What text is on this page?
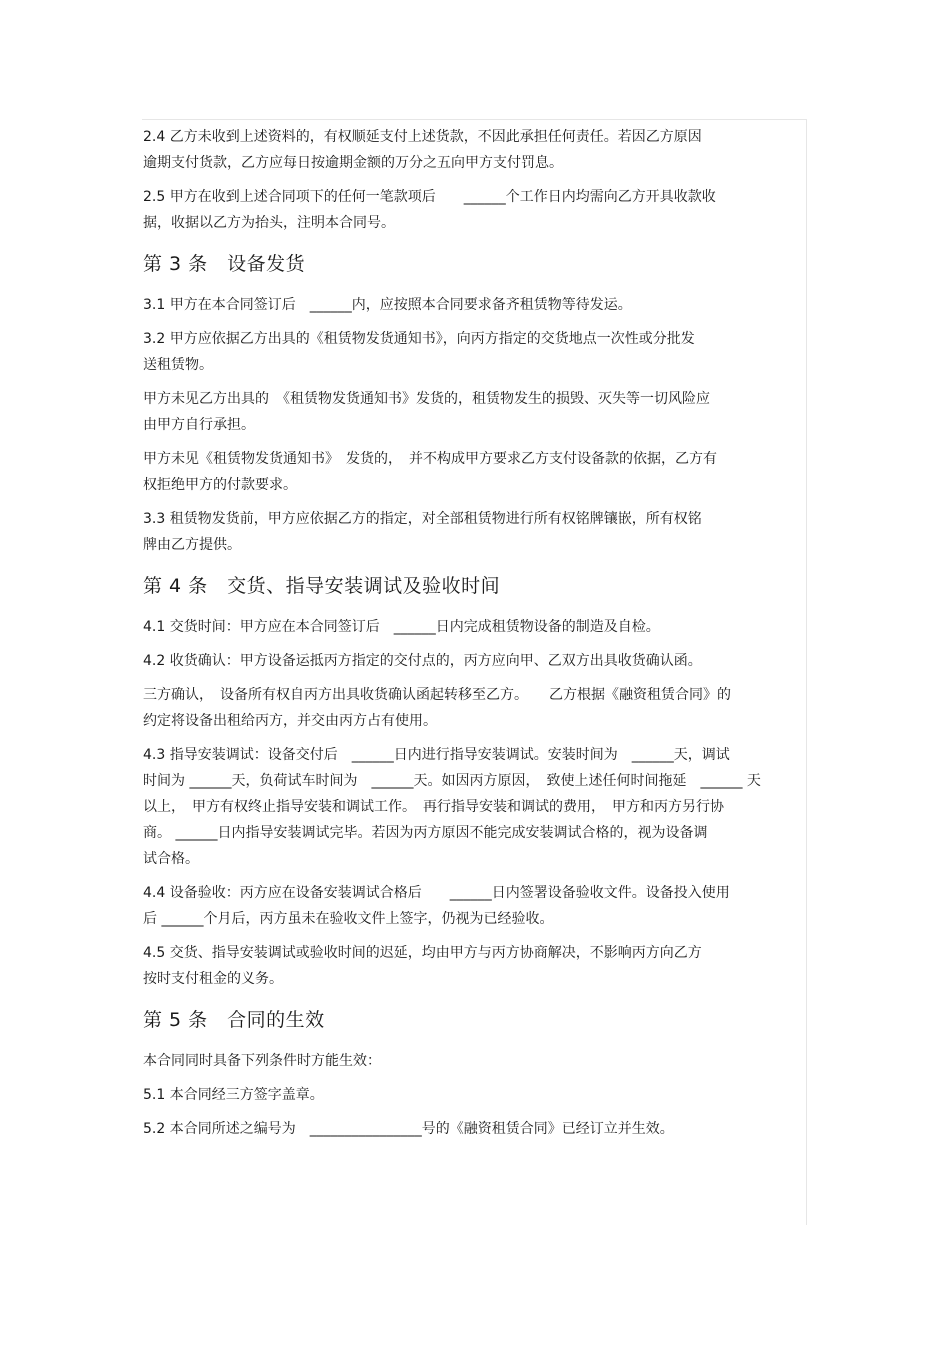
2.4 乙方未收到上述资料的，有权顺延支付上述货款，不因此承担任何责任。若因乙方原因

逾期支付货款，乙方应每日按逾期金额的万分之五向甲方支付罚息。

2.5 甲方在收到上述合同项下的任何一笔款项后　　______个工作日内均需向乙方开具收款收

据，收据以乙方为抬头，注明本合同号。

第 3 条　设备发货

3.1 甲方在本合同签订后　______内，应按照本合同要求备齐租赁物等待发运。

3.2 甲方应依据乙方出具的《租赁物发货通知书》，向丙方指定的交货地点一次性或分批发

送租赁物。

甲方未见乙方出具的　《租赁物发货通知书》发货的，租赁物发生的损毁、灭失等一切风险应

由甲方自行承担。

甲方未见《租赁物发货通知书》　发货的，　并不构成甲方要求乙方支付设备款的依据，乙方有

权拒绝甲方的付款要求。

3.3 租赁物发货前，甲方应依据乙方的指定，对全部租赁物进行所有权铭牌镶嵌，所有权铭

牌由乙方提供。

第 4 条　交货、指导安装调试及验收时间

4.1 交货时间：甲方应在本合同签订后　______日内完成租赁物设备的制造及自检。

4.2 收货确认：甲方设备运抵丙方指定的交付点的，丙方应向甲、乙双方出具收货确认函。

三方确认，　设备所有权自丙方出具收货确认函起转移至乙方。　　乙方根据《融资租赁合同》的

约定将设备出租给丙方，并交由丙方占有使用。

4.3 指导安装调试：设备交付后　______日内进行指导安装调试。安装时间为　______天，调试

时间为 ______天，负荷试车时间为　______天。如因丙方原因，　致使上述任何时间拖延　______ 天

以上，　甲方有权终止指导安装和调试工作。　再行指导安装和调试的费用，　甲方和丙方另行协

商。 ______日内指导安装调试完毕。若因为丙方原因不能完成安装调试合格的，视为设备调

试合格。

4.4 设备验收：丙方应在设备安装调试合格后　　______日内签署设备验收文件。设备投入使用

后 ______个月后，丙方虽未在验收文件上签字，仍视为已经验收。

4.5 交货、指导安装调试或验收时间的迟延，均由甲方与丙方协商解决，不影响丙方向乙方

按时支付租金的义务。

第 5 条　合同的生效

本合同同时具备下列条件时方能生效：

5.1 本合同经三方签字盖章。

5.2 本合同所述之编号为　________________号的《融资租赁合同》已经订立并生效。
